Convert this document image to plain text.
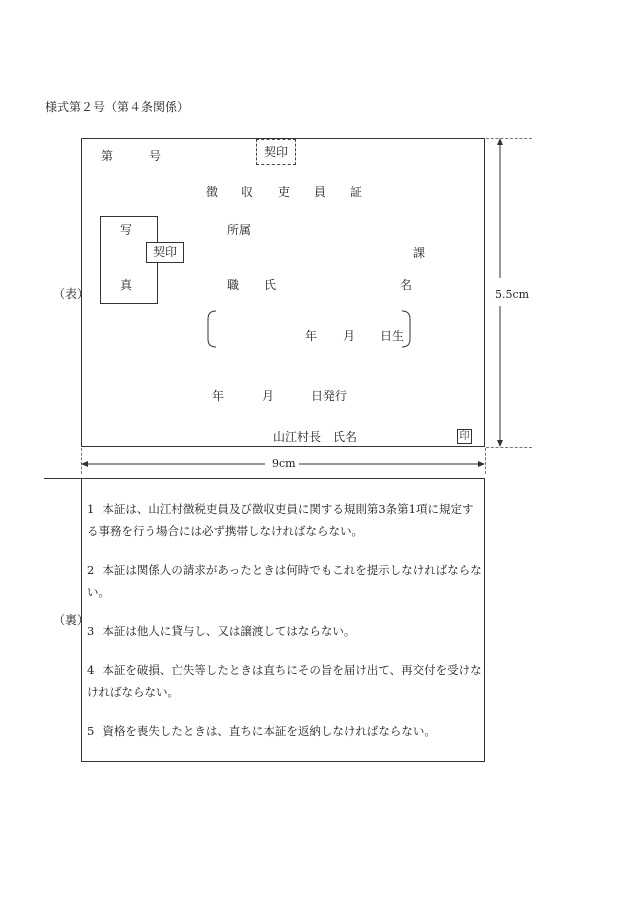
様式第２号（第４条関係）
（表）
第	号	契印
徴 収 吏 員 証
写
真
契印
所属
課
職 氏	名
年 月 日生
年	月	日発行
山江村長　氏名	印
5.5cm
9cm
（裏）
1 本証は、山江村徴税吏員及び徴収吏員に関する規則第3条第1項に規定する事務を行う場合には必ず携帯しなければならない。
2 本証は関係人の請求があったときは何時でもこれを提示しなければならない。
3 本証は他人に貸与し、又は譲渡してはならない。
4 本証を破損、亡失等したときは直ちにその旨を届け出て、再交付を受けなければならない。
5 資格を喪失したときは、直ちに本証を返納しなければならない。
